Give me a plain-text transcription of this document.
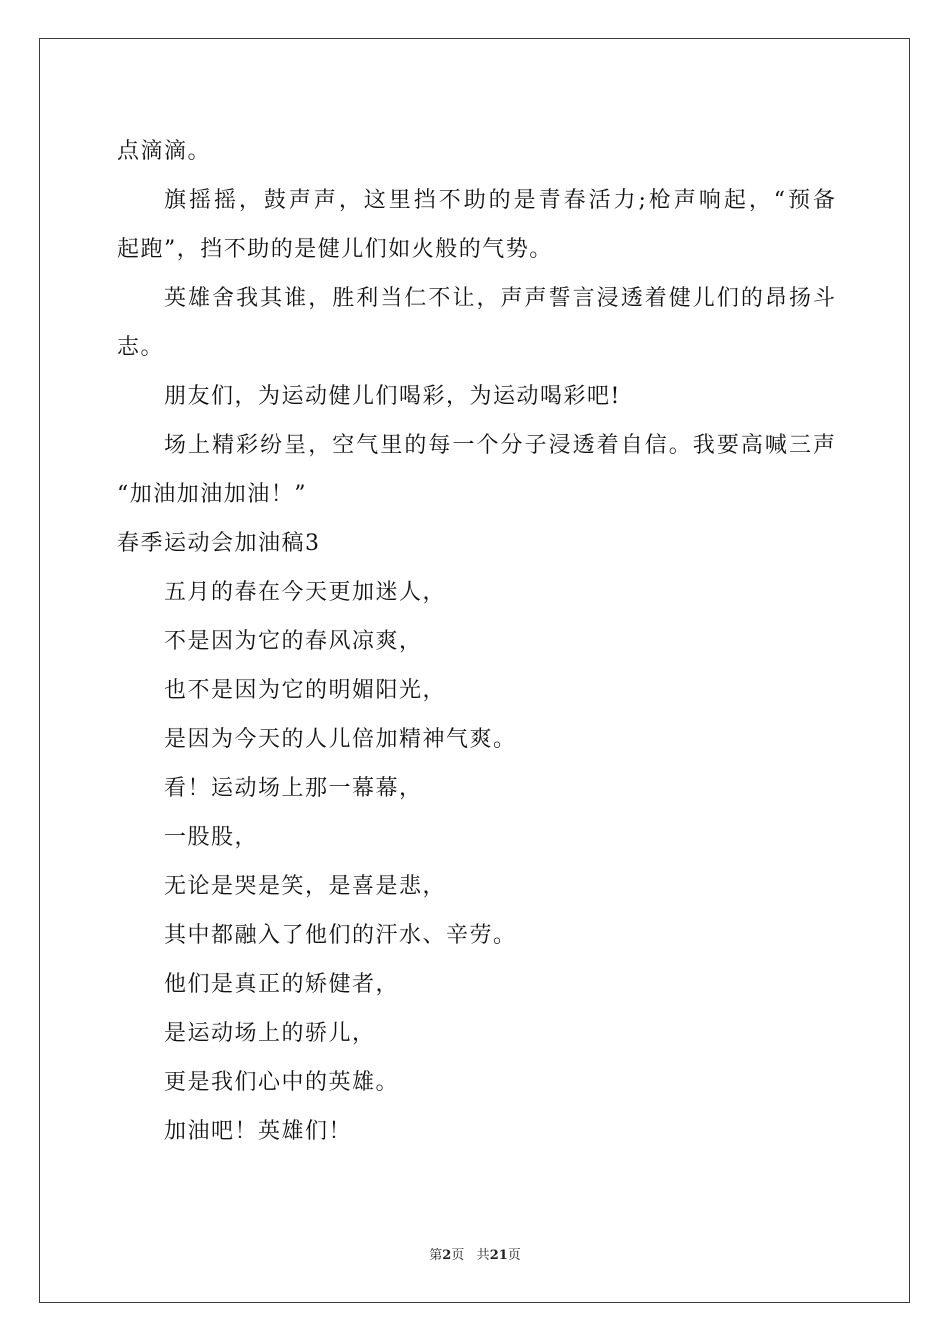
点滴滴。
旗摇摇，鼓声声，这里挡不助的是青春活力;枪声响起，“预备
起跑”，挡不助的是健儿们如火般的气势。
英雄舍我其谁，胜利当仁不让，声声誓言浸透着健儿们的昂扬斗
志。
朋友们，为运动健儿们喝彩，为运动喝彩吧!
场上精彩纷呈，空气里的每一个分子浸透着自信。我要高喊三声
“加油加油加油！”
春季运动会加油稿3
五月的春在今天更加迷人，
不是因为它的春风凉爽，
也不是因为它的明媚阳光，
是因为今天的人儿倍加精神气爽。
看！运动场上那一幕幕，
一股股，
无论是哭是笑，是喜是悲，
其中都融入了他们的汗水、辛劳。
他们是真正的矫健者，
是运动场上的骄儿，
更是我们心中的英雄。
加油吧！英雄们！
第2页 共21页
